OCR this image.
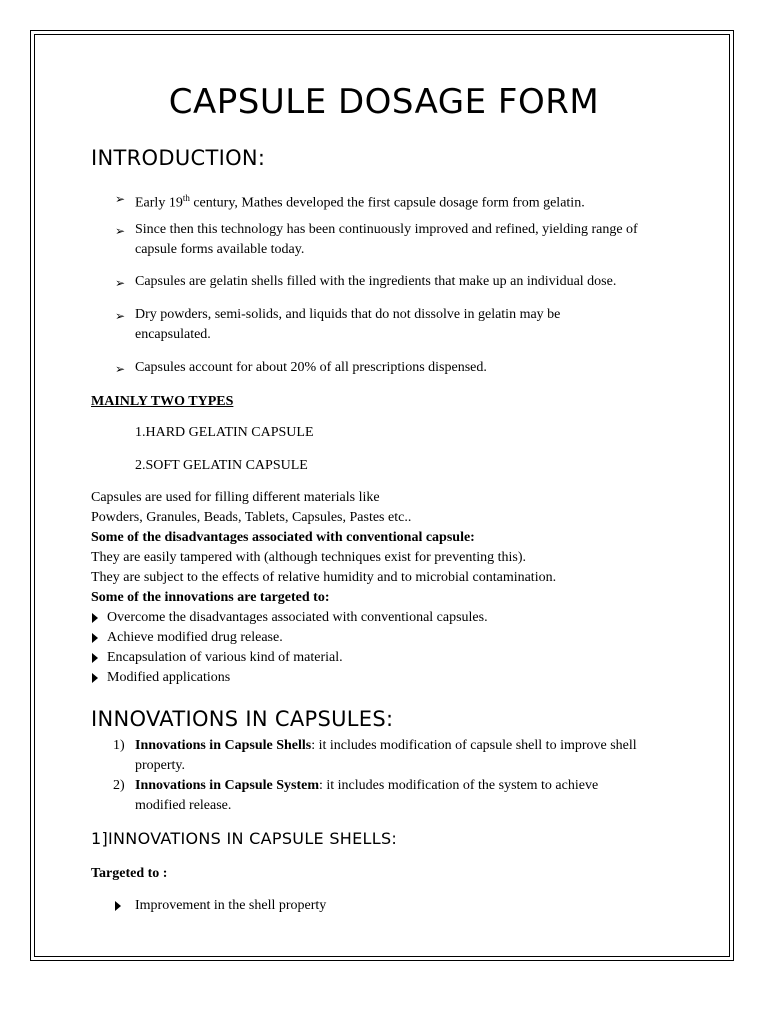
CAPSULE DOSAGE FORM
INTRODUCTION:
➢ Early 19th century, Mathes developed the first capsule dosage form from gelatin.
➢ Since then this technology has been continuously improved and refined, yielding range of
capsule forms available today.
➢ Capsules are gelatin shells filled with the ingredients that make up an individual dose.
➢ Dry powders, semi-solids, and liquids that do not dissolve in gelatin may be
encapsulated.
➢ Capsules account for about 20% of all prescriptions dispensed.
MAINLY TWO TYPES
1.HARD GELATIN CAPSULE
2.SOFT GELATIN CAPSULE
Capsules are used for filling different materials like
Powders, Granules, Beads, Tablets, Capsules, Pastes etc..
Some of the disadvantages associated with conventional capsule:
They are easily tampered with (although techniques exist for preventing this).
They are subject to the effects of relative humidity and to microbial contamination.
Some of the innovations are targeted to:
Overcome the disadvantages associated with conventional capsules.
Achieve modified drug release.
Encapsulation of various kind of material.
Modified applications
INNOVATIONS IN CAPSULES:
1) Innovations in Capsule Shells: it includes modification of capsule shell to improve shell
property.
2) Innovations in Capsule System: it includes modification of the system to achieve
modified release.
1]INNOVATIONS IN CAPSULE SHELLS:
Targeted to :
Improvement in the shell property
